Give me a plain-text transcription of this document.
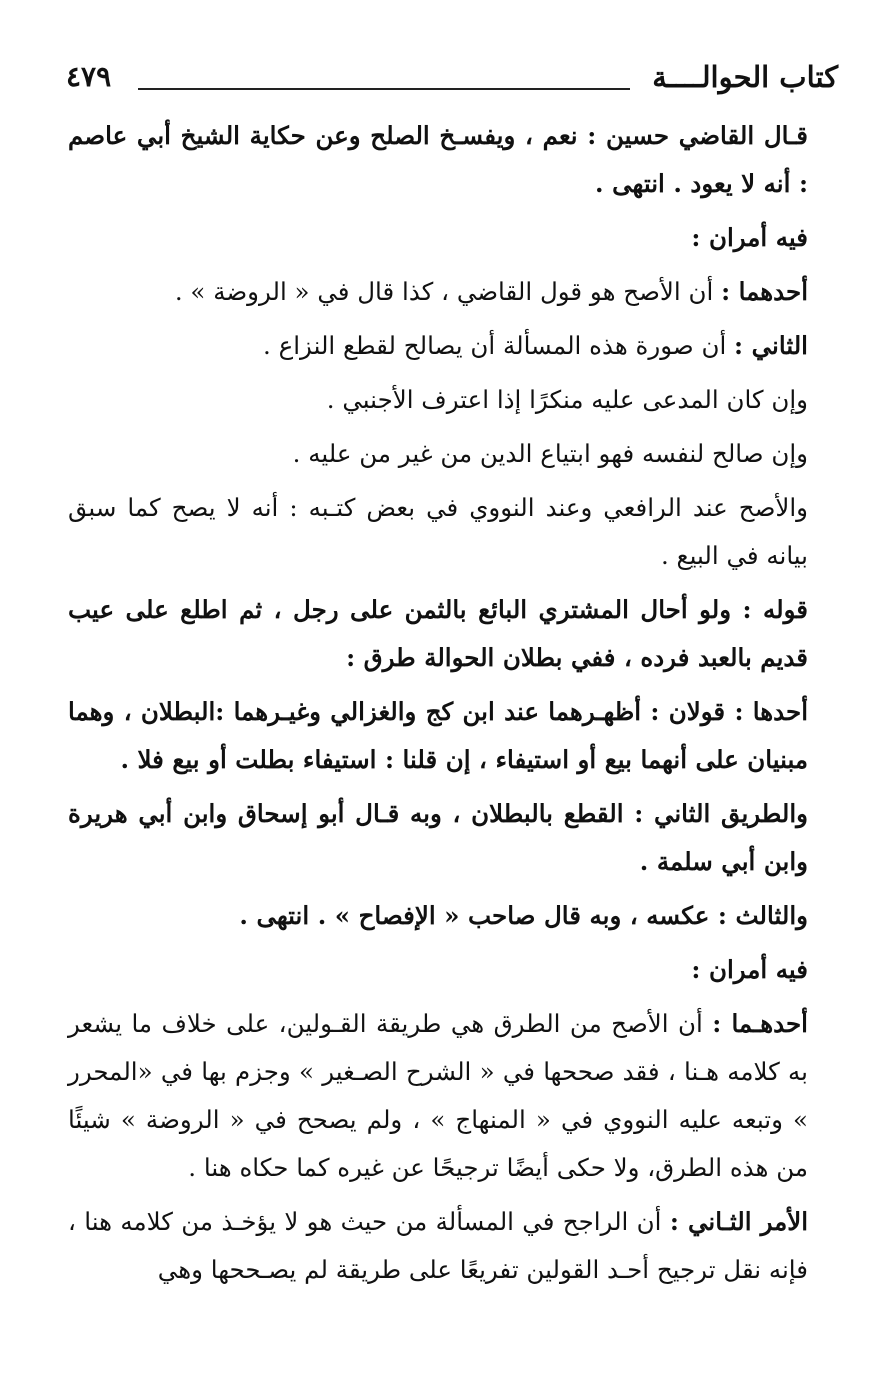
كتاب الحوالــــة
٤٧٩

قـال القاضي حسين : نعم ، ويفسـخ الصلح وعن حكاية الشيخ أبي عاصم : أنه لا يعود . انتهى .

فيه أمران :

أحدهما : أن الأصح هو قول القاضي ، كذا قال في « الروضة » .

الثاني : أن صورة هذه المسألة أن يصالح لقطع النزاع .

وإن كان المدعى عليه منكرًا إذا اعترف الأجنبي .

وإن صالح لنفسه فهو ابتياع الدين من غير من عليه .

والأصح عند الرافعي وعند النووي في بعض كتـبه : أنه لا يصح كما سبق بيانه في البيع .

قوله : ولو أحال المشتري البائع بالثمن على رجل ، ثم اطلع على عيب قديم بالعبد فرده ، ففي بطلان الحوالة طرق :

أحدها : قولان : أظهـرهما عند ابن كج والغزالي وغيـرهما :البطلان ، وهما مبنيان على أنهما بيع أو استيفاء ، إن قلنا : استيفاء بطلت أو بيع فلا .

والطريق الثاني : القطع بالبطلان ، وبه قـال أبو إسحاق وابن أبي هريرة وابن أبي سلمة .

والثالث : عكسه ، وبه قال صاحب « الإفصاح » . انتهى .

فيه أمران :

أحدهـما : أن الأصح من الطرق هي طريقة القـولين، على خلاف ما يشعر به كلامه هـنا ، فقد صححها في « الشرح الصـغير » وجزم بها في «المحرر » وتبعه عليه النووي في « المنهاج » ، ولم يصحح في « الروضة » شيئًا من هذه الطرق، ولا حكى أيضًا ترجيحًا عن غيره كما حكاه هنا .

الأمر الثـاني : أن الراجح في المسألة من حيث هو لا يؤخـذ من كلامه هنا ، فإنه نقل ترجيح أحـد القولين تفريعًا على طريقة لم يصـححها وهي
